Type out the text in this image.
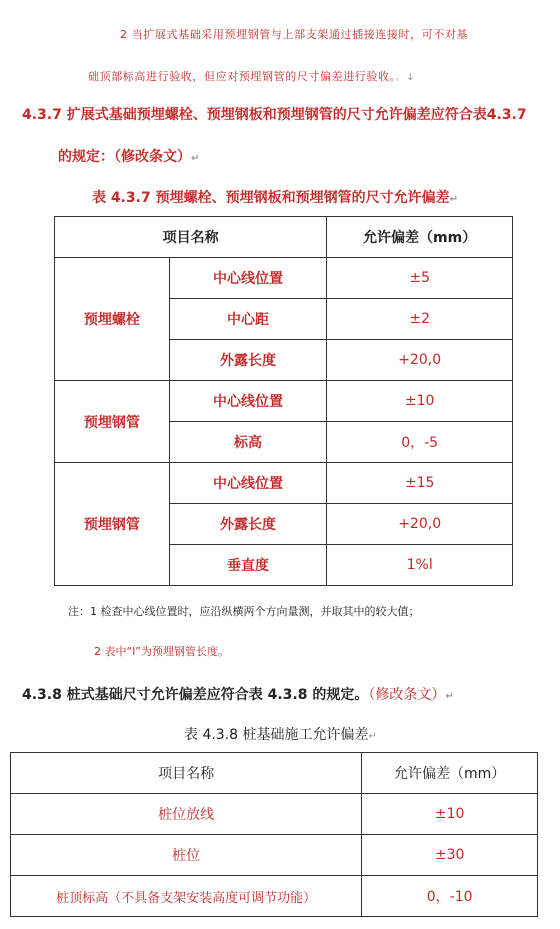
2 当扩展式基础采用预埋钢管与上部支架通过插接连接时，可不对基
础顶部标高进行验收，但应对预埋钢管的尺寸偏差进行验收。。↓
4.3.7 扩展式基础预埋螺栓、预埋钢板和预埋钢管的尺寸允许偏差应符合表4.3.7
的规定：（修改条文）↵
表 4.3.7 预埋螺栓、预埋钢板和预埋钢管的尺寸允许偏差↵
项目名称		允许偏差（mm）
预埋螺栓	中心线位置	±5
	中心距	±2
	外露长度	+20,0
预埋钢管	中心线位置	±10
	标高	0，-5
预埋钢管	中心线位置	±15
	外露长度	+20,0
	垂直度	1%l
注：1 检查中心线位置时，应沿纵横两个方向量测，并取其中的较大值；
2 表中“l”为预埋钢管长度。
4.3.8 桩式基础尺寸允许偏差应符合表 4.3.8 的规定。（修改条文）↵
表 4.3.8 桩基础施工允许偏差↵
项目名称	允许偏差（mm）
桩位放线	±10
桩位	±30
桩顶标高（不具备支架安装高度可调节功能）	0，-10
